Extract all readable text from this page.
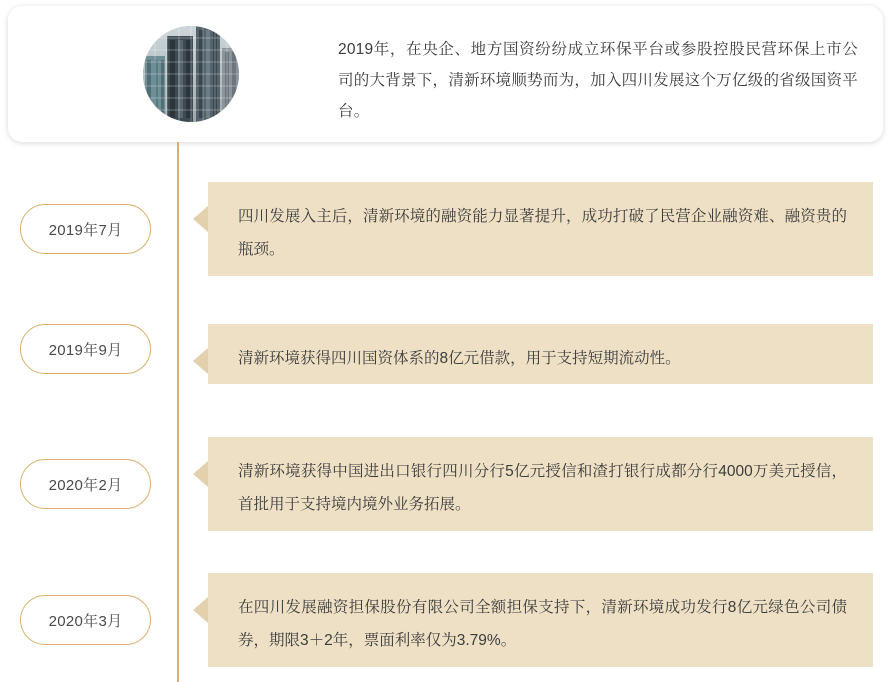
2019年，在央企、地方国资纷纷成立环保平台或参股控股民营环保上市公司的大背景下，清新环境顺势而为，加入四川发展这个万亿级的省级国资平台。
2019年7月
四川发展入主后，清新环境的融资能力显著提升，成功打破了民营企业融资难、融资贵的瓶颈。
2019年9月	清新环境获得四川国资体系的8亿元借款，用于支持短期流动性。
2020年2月
清新环境获得中国进出口银行四川分行5亿元授信和渣打银行成都分行4000万美元授信，首批用于支持境内境外业务拓展。
2020年3月
在四川发展融资担保股份有限公司全额担保支持下，清新环境成功发行8亿元绿色公司债券，期限3＋2年，票面利率仅为3.79%。
